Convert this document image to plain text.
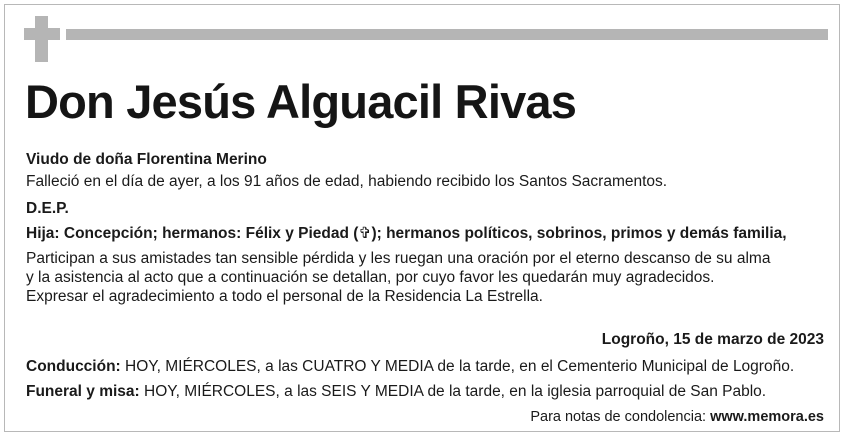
Don Jesús Alguacil Rivas
Viudo de doña Florentina Merino
Falleció en el día de ayer, a los 91 años de edad, habiendo recibido los Santos Sacramentos.
D.E.P.
Hija: Concepción; hermanos: Félix y Piedad (✞); hermanos políticos, sobrinos, primos y demás familia,
Participan a sus amistades tan sensible pérdida y les ruegan una oración por el eterno descanso de su alma
y la asistencia al acto que a continuación se detallan, por cuyo favor les quedarán muy agradecidos.
Expresar el agradecimiento a todo el personal de la Residencia La Estrella.
Logroño, 15 de marzo de 2023
Conducción: HOY, MIÉRCOLES, a las CUATRO Y MEDIA de la tarde, en el Cementerio Municipal de Logroño.
Funeral y misa: HOY, MIÉRCOLES, a las SEIS Y MEDIA de la tarde, en la iglesia parroquial de San Pablo.
Para notas de condolencia: www.memora.es
